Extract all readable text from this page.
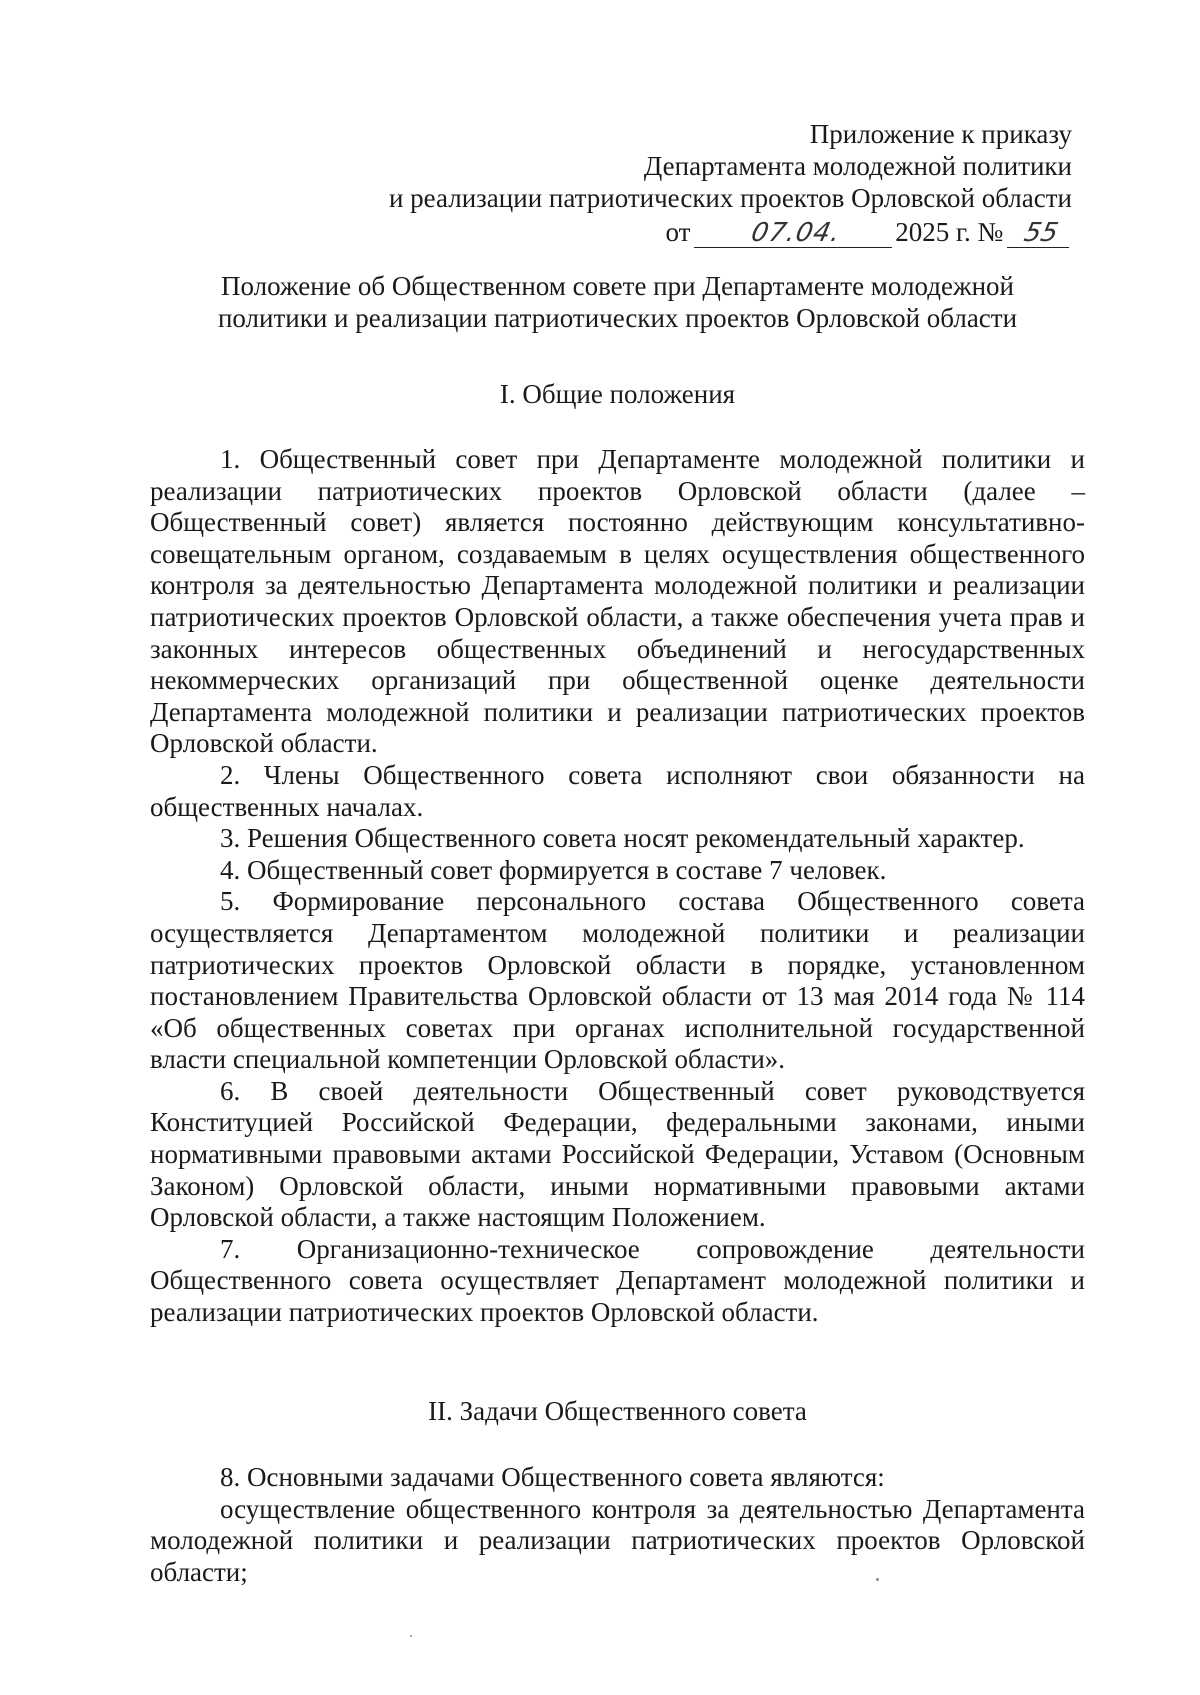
Приложение к приказу
Департамента молодежной политики
и реализации патриотических проектов Орловской области
от 07.04. 2025 г. № 55
Положение об Общественном совете при Департаменте молодежной
политики и реализации патриотических проектов Орловской области
I. Общие положения

1. Общественный совет при Департаменте молодежной политики и реализации патриотических проектов Орловской области (далее – Общественный совет) является постоянно действующим консультативно-совещательным органом, создаваемым в целях осуществления общественного контроля за деятельностью Департамента молодежной политики и реализации патриотических проектов Орловской области, а также обеспечения учета прав и законных интересов общественных объединений и негосударственных некоммерческих организаций при общественной оценке деятельности Департамента молодежной политики и реализации патриотических проектов Орловской области.

2. Члены Общественного совета исполняют свои обязанности на общественных началах.

3. Решения Общественного совета носят рекомендательный характер.

4. Общественный совет формируется в составе 7 человек.

5. Формирование персонального состава Общественного совета осуществляется Департаментом молодежной политики и реализации патриотических проектов Орловской области в порядке, установленном постановлением Правительства Орловской области от 13 мая 2014 года № 114 «Об общественных советах при органах исполнительной государственной власти специальной компетенции Орловской области».

6. В своей деятельности Общественный совет руководствуется Конституцией Российской Федерации, федеральными законами, иными нормативными правовыми актами Российской Федерации, Уставом (Основным Законом) Орловской области, иными нормативными правовыми актами Орловской области, а также настоящим Положением.

7. Организационно-техническое сопровождение деятельности Общественного совета осуществляет Департамент молодежной политики и реализации патриотических проектов Орловской области.

II. Задачи Общественного совета

8. Основными задачами Общественного совета являются:

осуществление общественного контроля за деятельностью Департамента молодежной политики и реализации патриотических проектов Орловской области;
